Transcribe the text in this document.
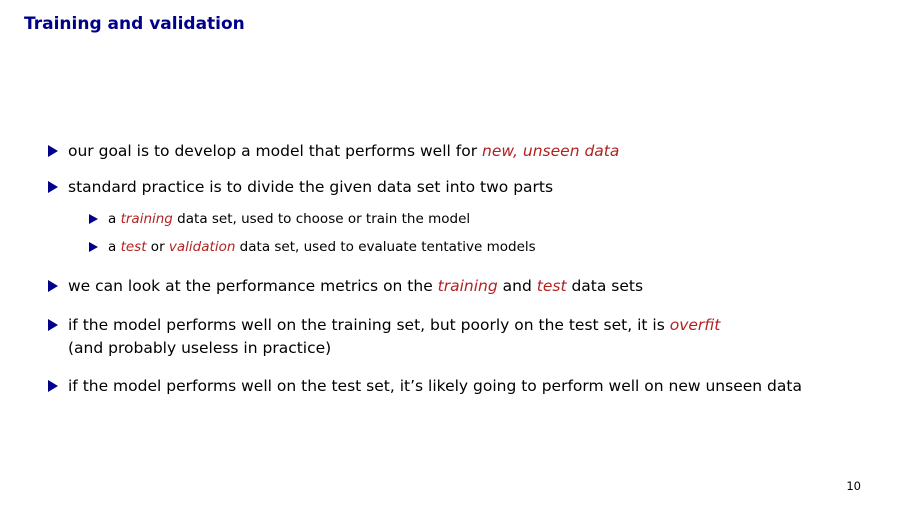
Training and validation
our goal is to develop a model that performs well for new, unseen data
standard practice is to divide the given data set into two parts
a training data set, used to choose or train the model
a test or validation data set, used to evaluate tentative models
we can look at the performance metrics on the training and test data sets
if the model performs well on the training set, but poorly on the test set, it is overfit
(and probably useless in practice)
if the model performs well on the test set, it’s likely going to perform well on new unseen data
10
